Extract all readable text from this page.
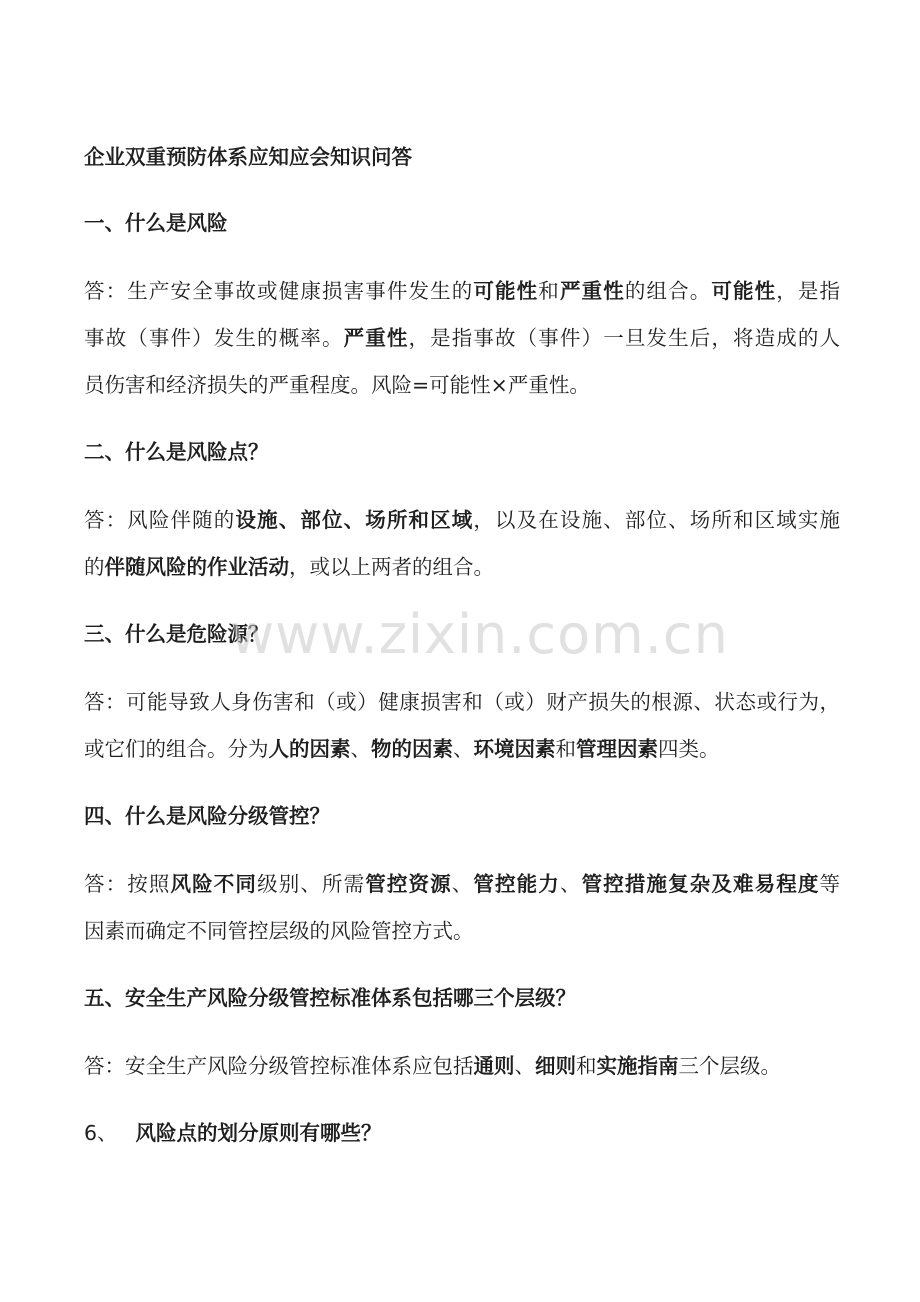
企业双重预防体系应知应会知识问答
一、什么是风险
答：生产安全事故或健康损害事件发生的可能性和严重性的组合。可能性，是指
事故（事件）发生的概率。严重性，是指事故（事件）一旦发生后，将造成的人
员伤害和经济损失的严重程度。风险=可能性×严重性。
二、什么是风险点？
答：风险伴随的设施、部位、场所和区域，以及在设施、部位、场所和区域实施
的伴随风险的作业活动，或以上两者的组合。
三、什么是危险源？
答：可能导致人身伤害和（或）健康损害和（或）财产损失的根源、状态或行为，
或它们的组合。分为人的因素、物的因素、环境因素和管理因素四类。
四、什么是风险分级管控？
答：按照风险不同级别、所需管控资源、管控能力、管控措施复杂及难易程度等
因素而确定不同管控层级的风险管控方式。
五、安全生产风险分级管控标准体系包括哪三个层级？
答：安全生产风险分级管控标准体系应包括通则、细则和实施指南三个层级。
6、 风险点的划分原则有哪些？
www.zixin.com.cn
